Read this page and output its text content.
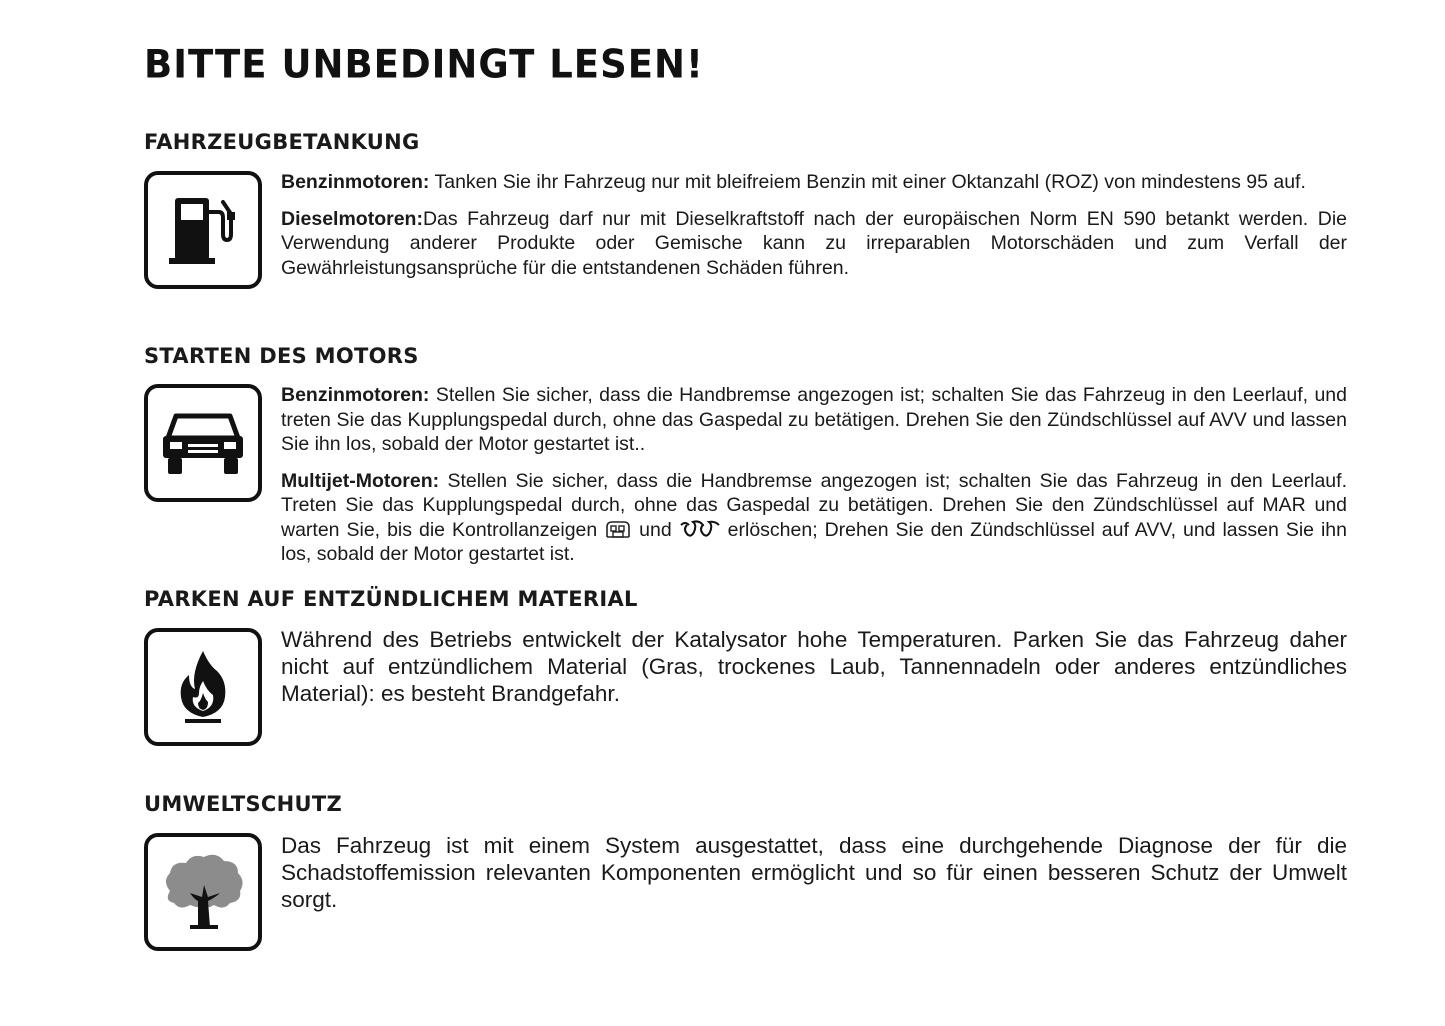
BITTE UNBEDINGT LESEN!
FAHRZEUGBETANKUNG

Benzinmotoren: Tanken Sie ihr Fahrzeug nur mit bleifreiem Benzin mit einer Oktanzahl (ROZ) von mindestens 95 auf.

Dieselmotoren:Das Fahrzeug darf nur mit Dieselkraftstoff nach der europäischen Norm EN 590 betankt werden. Die Verwendung anderer Produkte oder Gemische kann zu irreparablen Motorschäden und zum Verfall der Gewährleistungsansprüche für die entstandenen Schäden führen.

STARTEN DES MOTORS

Benzinmotoren: Stellen Sie sicher, dass die Handbremse angezogen ist; schalten Sie das Fahrzeug in den Leerlauf, und treten Sie das Kupplungspedal durch, ohne das Gaspedal zu betätigen. Drehen Sie den Zündschlüssel auf AVV und lassen Sie ihn los, sobald der Motor gestartet ist..

Multijet-Motoren: Stellen Sie sicher, dass die Handbremse angezogen ist; schalten Sie das Fahrzeug in den Leerlauf. Treten Sie das Kupplungspedal durch, ohne das Gaspedal zu betätigen. Drehen Sie den Zündschlüssel auf MAR und warten Sie, bis die Kontrollanzeigen  und  erlöschen; Drehen Sie den Zündschlüssel auf AVV, und lassen Sie ihn los, sobald der Motor gestartet ist.

PARKEN AUF ENTZÜNDLICHEM MATERIAL

Während des Betriebs entwickelt der Katalysator hohe Temperaturen. Parken Sie das Fahrzeug daher nicht auf entzündlichem Material (Gras, trockenes Laub, Tannennadeln oder anderes entzündliches Material): es besteht Brandgefahr.

UMWELTSCHUTZ

Das Fahrzeug ist mit einem System ausgestattet, dass eine durchgehende Diagnose der für die Schadstoffemission relevanten Komponenten ermöglicht und so für einen besseren Schutz der Umwelt sorgt.
